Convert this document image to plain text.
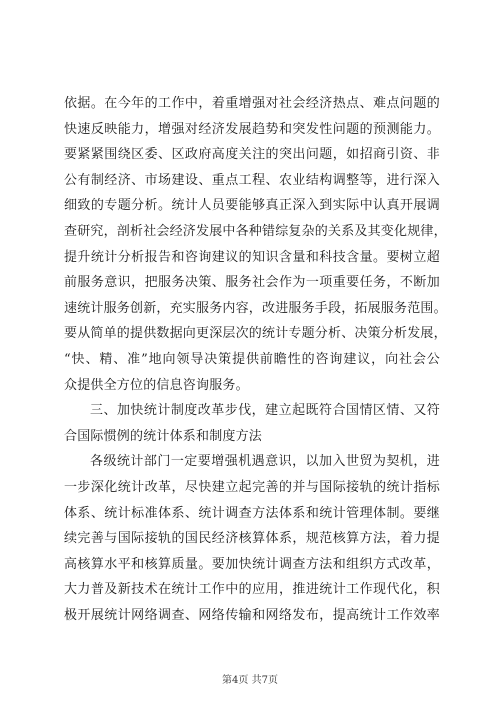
依据。在今年的工作中，着重增强对社会经济热点、难点问题的
快速反映能力，增强对经济发展趋势和突发性问题的预测能力。
要紧紧围绕区委、区政府高度关注的突出问题，如招商引资、非
公有制经济、市场建设、重点工程、农业结构调整等，进行深入
细致的专题分析。统计人员要能够真正深入到实际中认真开展调
查研究，剖析社会经济发展中各种错综复杂的关系及其变化规律，
提升统计分析报告和咨询建议的知识含量和科技含量。要树立超
前服务意识，把服务决策、服务社会作为一项重要任务，不断加
速统计服务创新，充实服务内容，改进服务手段，拓展服务范围。
要从简单的提供数据向更深层次的统计专题分析、决策分析发展，
“快、精、准”地向领导决策提供前瞻性的咨询建议，向社会公
众提供全方位的信息咨询服务。
三、加快统计制度改革步伐，建立起既符合国情区情、又符
合国际惯例的统计体系和制度方法
各级统计部门一定要增强机遇意识，以加入世贸为契机，进
一步深化统计改革，尽快建立起完善的并与国际接轨的统计指标
体系、统计标准体系、统计调查方法体系和统计管理体制。要继
续完善与国际接轨的国民经济核算体系，规范核算方法，着力提
高核算水平和核算质量。要加快统计调查方法和组织方式改革，
大力普及新技术在统计工作中的应用，推进统计工作现代化，积
极开展统计网络调查、网络传输和网络发布，提高统计工作效率
第4页 共7页
